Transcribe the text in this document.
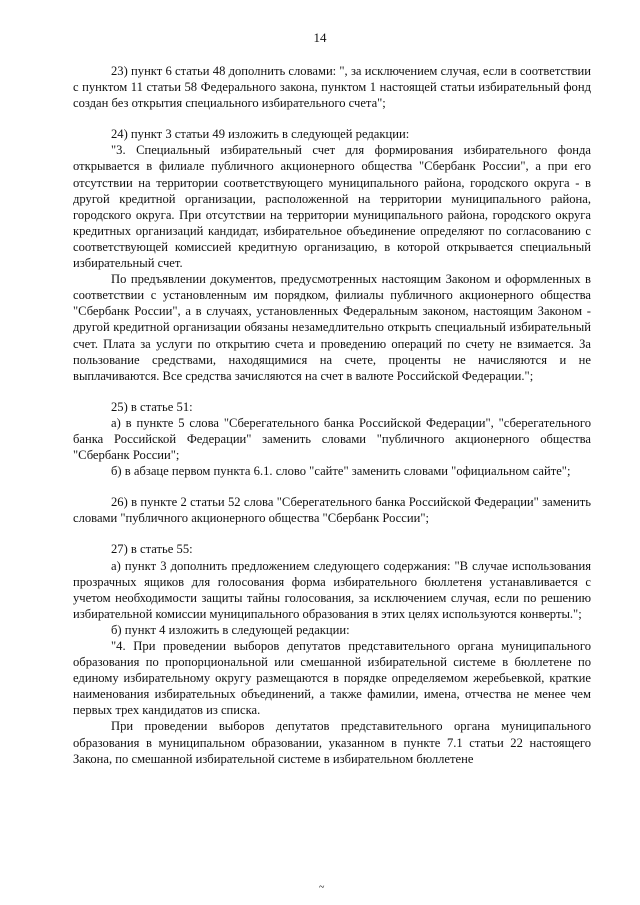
14

23) пункт 6 статьи 48 дополнить словами: ", за исключением случая, если в соответствии с пунктом 11 статьи 58 Федерального закона, пунктом 1 настоящей статьи избирательный фонд создан без открытия специального избирательного счета";

24) пункт 3 статьи 49 изложить в следующей редакции:

"3. Специальный избирательный счет для формирования избирательного фонда открывается в филиале публичного акционерного общества "Сбербанк России", а при его отсутствии на территории соответствующего муниципального района, городского округа - в другой кредитной организации, расположенной на территории муниципального района, городского округа. При отсутствии на территории муниципального района, городского округа кредитных организаций кандидат, избирательное объединение определяют по согласованию с соответствующей комиссией кредитную организацию, в которой открывается специальный избирательный счет.

По предъявлении документов, предусмотренных настоящим Законом и оформленных в соответствии с установленным им порядком, филиалы публичного акционерного общества "Сбербанк России", а в случаях, установленных Федеральным законом, настоящим Законом - другой кредитной организации обязаны незамедлительно открыть специальный избирательный счет. Плата за услуги по открытию счета и проведению операций по счету не взимается. За пользование средствами, находящимися на счете, проценты не начисляются и не выплачиваются. Все средства зачисляются на счет в валюте Российской Федерации.";

25) в статье 51:

а) в пункте 5 слова "Сберегательного банка Российской Федерации", "сберегательного банка Российской Федерации" заменить словами "публичного акционерного общества "Сбербанк России";

б) в абзаце первом пункта 6.1. слово "сайте" заменить словами "официальном сайте";

26) в пункте 2 статьи 52 слова "Сберегательного банка Российской Федерации" заменить словами "публичного акционерного общества "Сбербанк России";

27) в статье 55:

а) пункт 3 дополнить предложением следующего содержания: "В случае использования прозрачных ящиков для голосования форма избирательного бюллетеня устанавливается с учетом необходимости защиты тайны голосования, за исключением случая, если по решению избирательной комиссии муниципального образования в этих целях используются конверты.";

б) пункт 4 изложить в следующей редакции:

"4. При проведении выборов депутатов представительного органа муниципального образования по пропорциональной или смешанной избирательной системе в бюллетене по единому избирательному округу размещаются в порядке определяемом жеребьевкой, краткие наименования избирательных объединений, а также фамилии, имена, отчества не менее чем первых трех кандидатов из списка.

При проведении выборов депутатов представительного органа муниципального образования в муниципальном образовании, указанном в пункте 7.1 статьи 22 настоящего Закона, по смешанной избирательной системе в избирательном бюллетене

~
